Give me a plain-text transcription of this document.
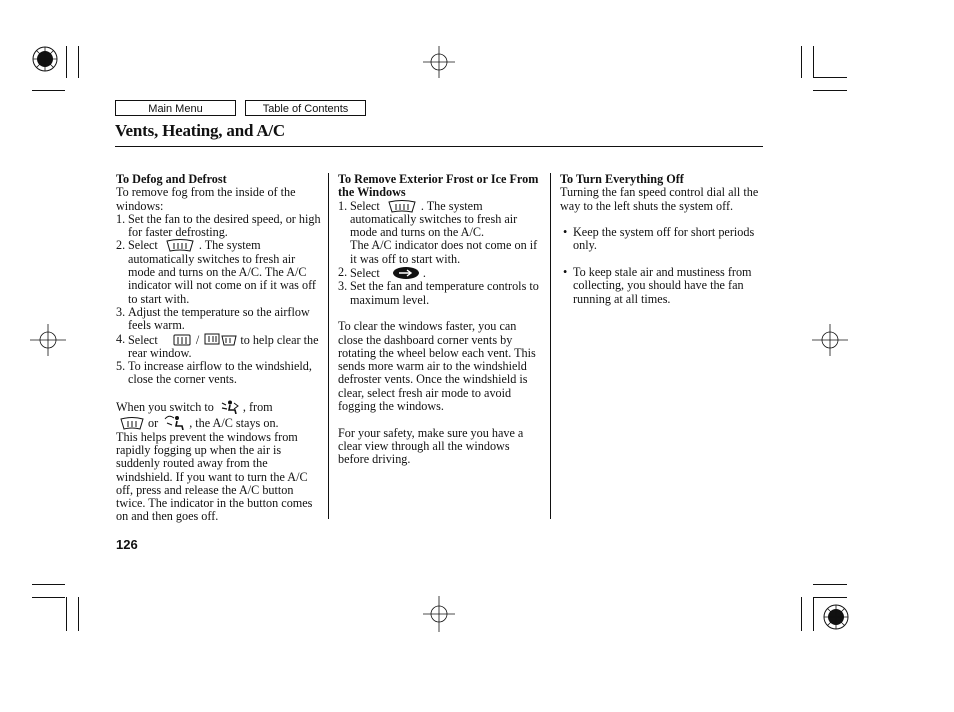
Main Menu	Table of Contents
Vents, Heating, and A/C

To Defog and Defrost

To remove fog from the inside of the windows:

1. Set the fan to the desired speed, or high for faster defrosting.

2. Select	. The system automatically switches to fresh air mode and turns on the A/C. The A/C indicator will not come on if it was off to start with.

3. Adjust the temperature so the airflow feels warm.

4. Select	/	to help clear the rear window.

5. To increase airflow to the windshield, close the corner vents.

When you switch to , from
or	, the A/C stays on.
This helps prevent the windows from rapidly fogging up when the air is suddenly routed away from the windshield. If you want to turn the A/C off, press and release the A/C button twice. The indicator in the button comes on and then goes off.

To Remove Exterior Frost or Ice From the Windows

1. Select	. The system automatically switches to fresh air mode and turns on the A/C.

The A/C indicator does not come on if it was off to start with.

2. Select	.

3. Set the fan and temperature controls to maximum level.

To clear the windows faster, you can close the dashboard corner vents by rotating the wheel below each vent. This sends more warm air to the windshield defroster vents. Once the windshield is clear, select fresh air mode to avoid fogging the windows.

For your safety, make sure you have a clear view through all the windows before driving.

To Turn Everything Off

Turning the fan speed control dial all the way to the left shuts the system off.

• Keep the system off for short periods only.

• To keep stale air and mustiness from collecting, you should have the fan running at all times.

126
